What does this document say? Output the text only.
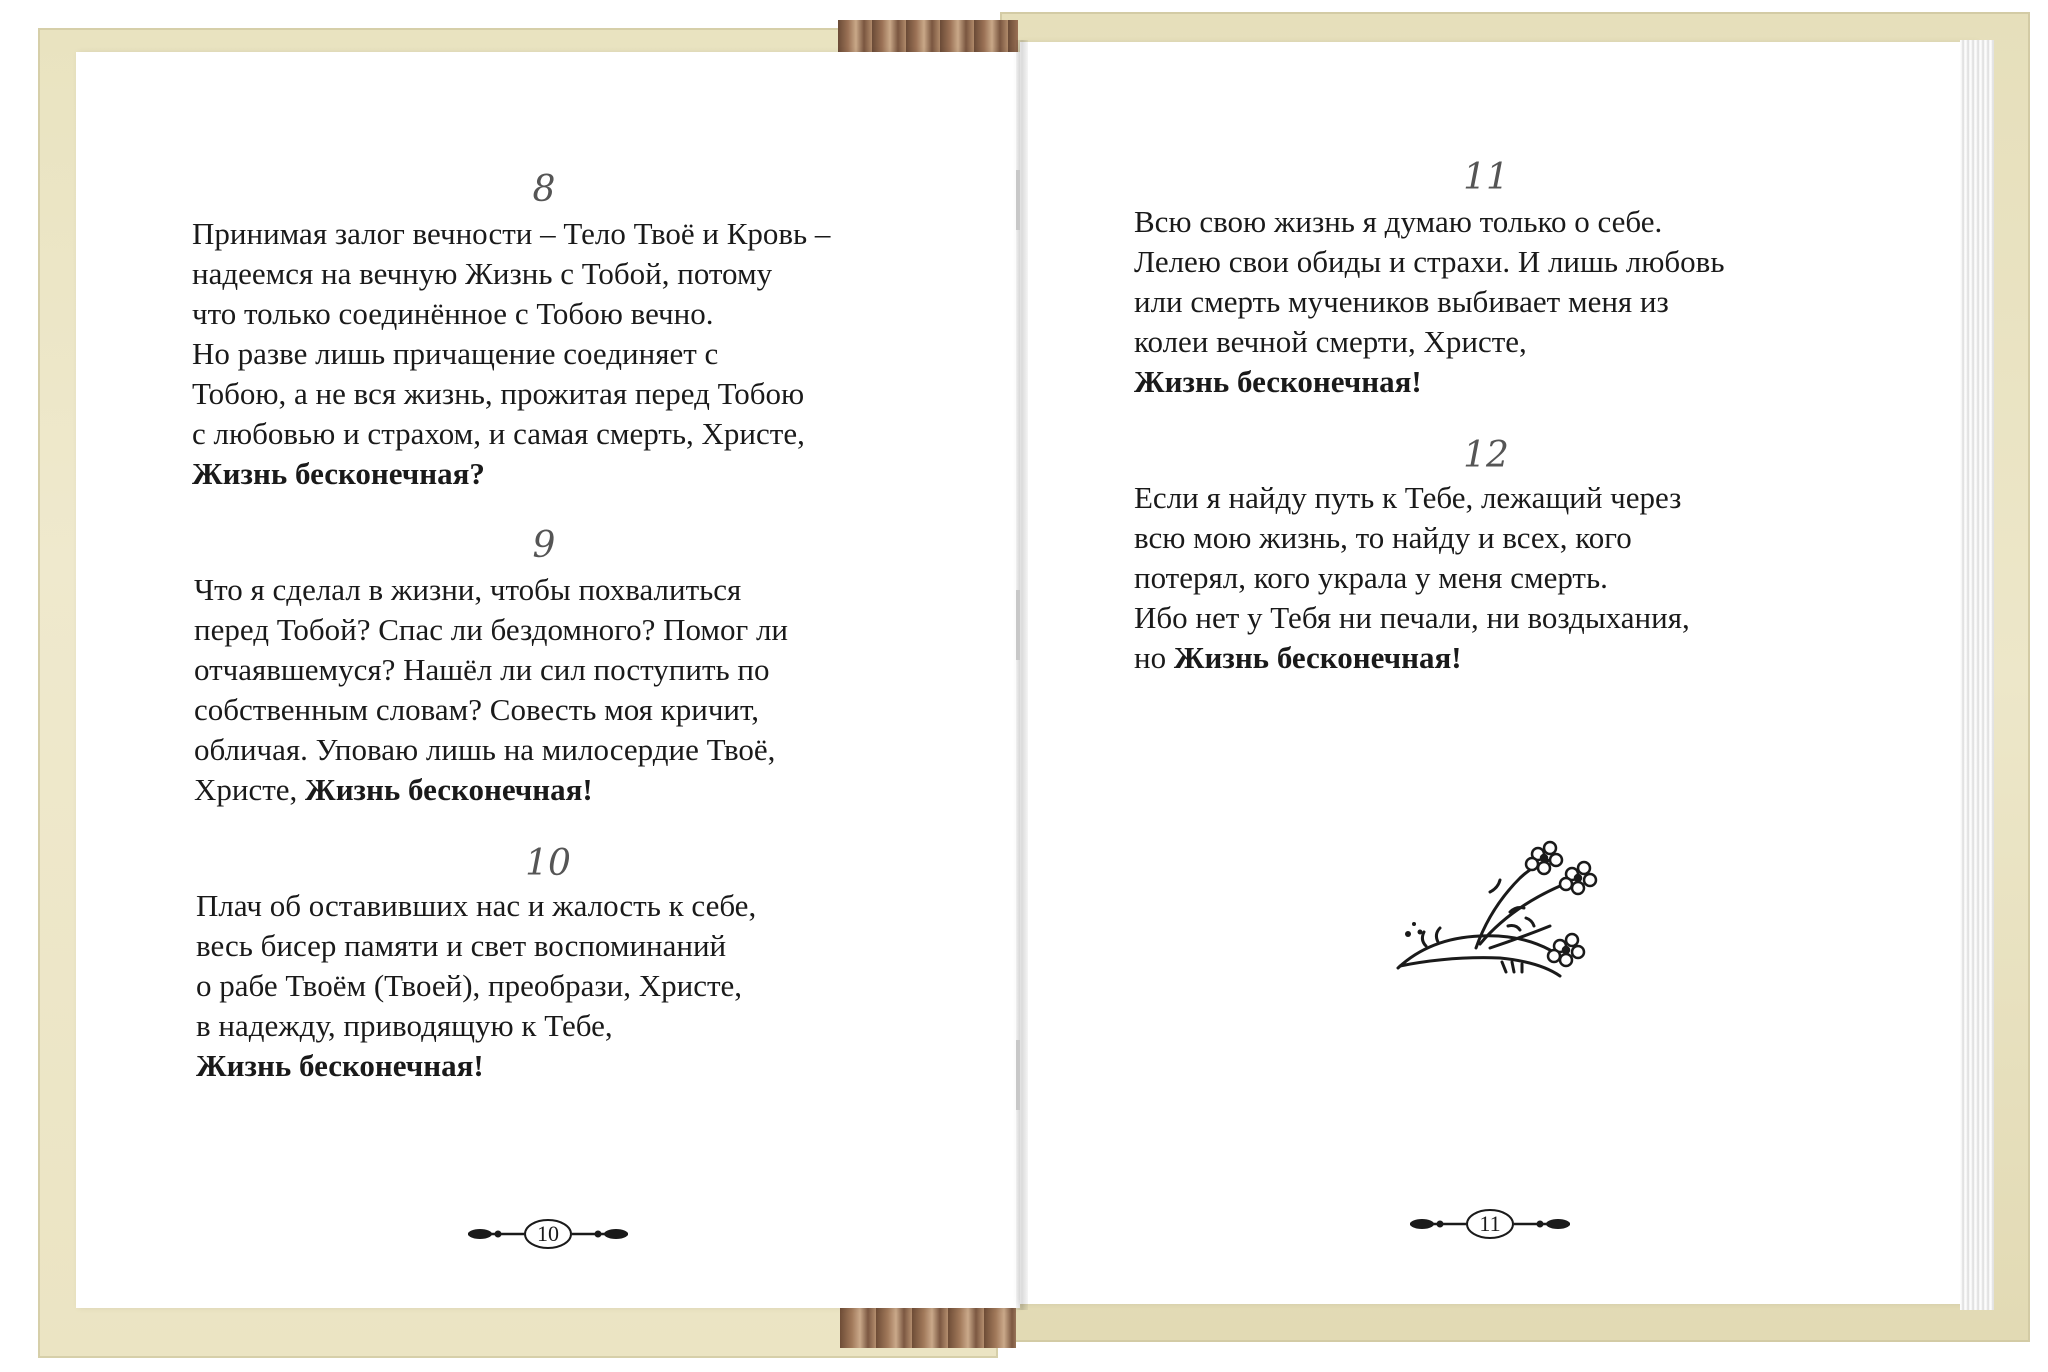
8
Принимая залог вечности – Тело Твоё и Кровь –
надеемся на вечную Жизнь с Тобой, потому
что только соединённое с Тобою вечно.
Но разве лишь причащение соединяет с
Тобою, а не вся жизнь, прожитая перед Тобою
с любовью и страхом, и самая смерть, Христе,
Жизнь бесконечная?
9
Что я сделал в жизни, чтобы похвалиться
перед Тобой? Спас ли бездомного? Помог ли
отчаявшемуся? Нашёл ли сил поступить по
собственным словам? Совесть моя кричит,
обличая. Уповаю лишь на милосердие Твоё,
Христе, Жизнь бесконечная!
10
Плач об оставивших нас и жалость к себе,
весь бисер памяти и свет воспоминаний
о рабе Твоём (Твоей), преобрази, Христе,
в надежду, приводящую к Тебе,
Жизнь бесконечная!
10
11
Всю свою жизнь я думаю только о себе.
Лелею свои обиды и страхи. И лишь любовь
или смерть мучеников выбивает меня из
колеи вечной смерти, Христе,
Жизнь бесконечная!
12
Если я найду путь к Тебе, лежащий через
всю мою жизнь, то найду и всех, кого
потерял, кого украла у меня смерть.
Ибо нет у Тебя ни печали, ни воздыхания,
но Жизнь бесконечная!
11
